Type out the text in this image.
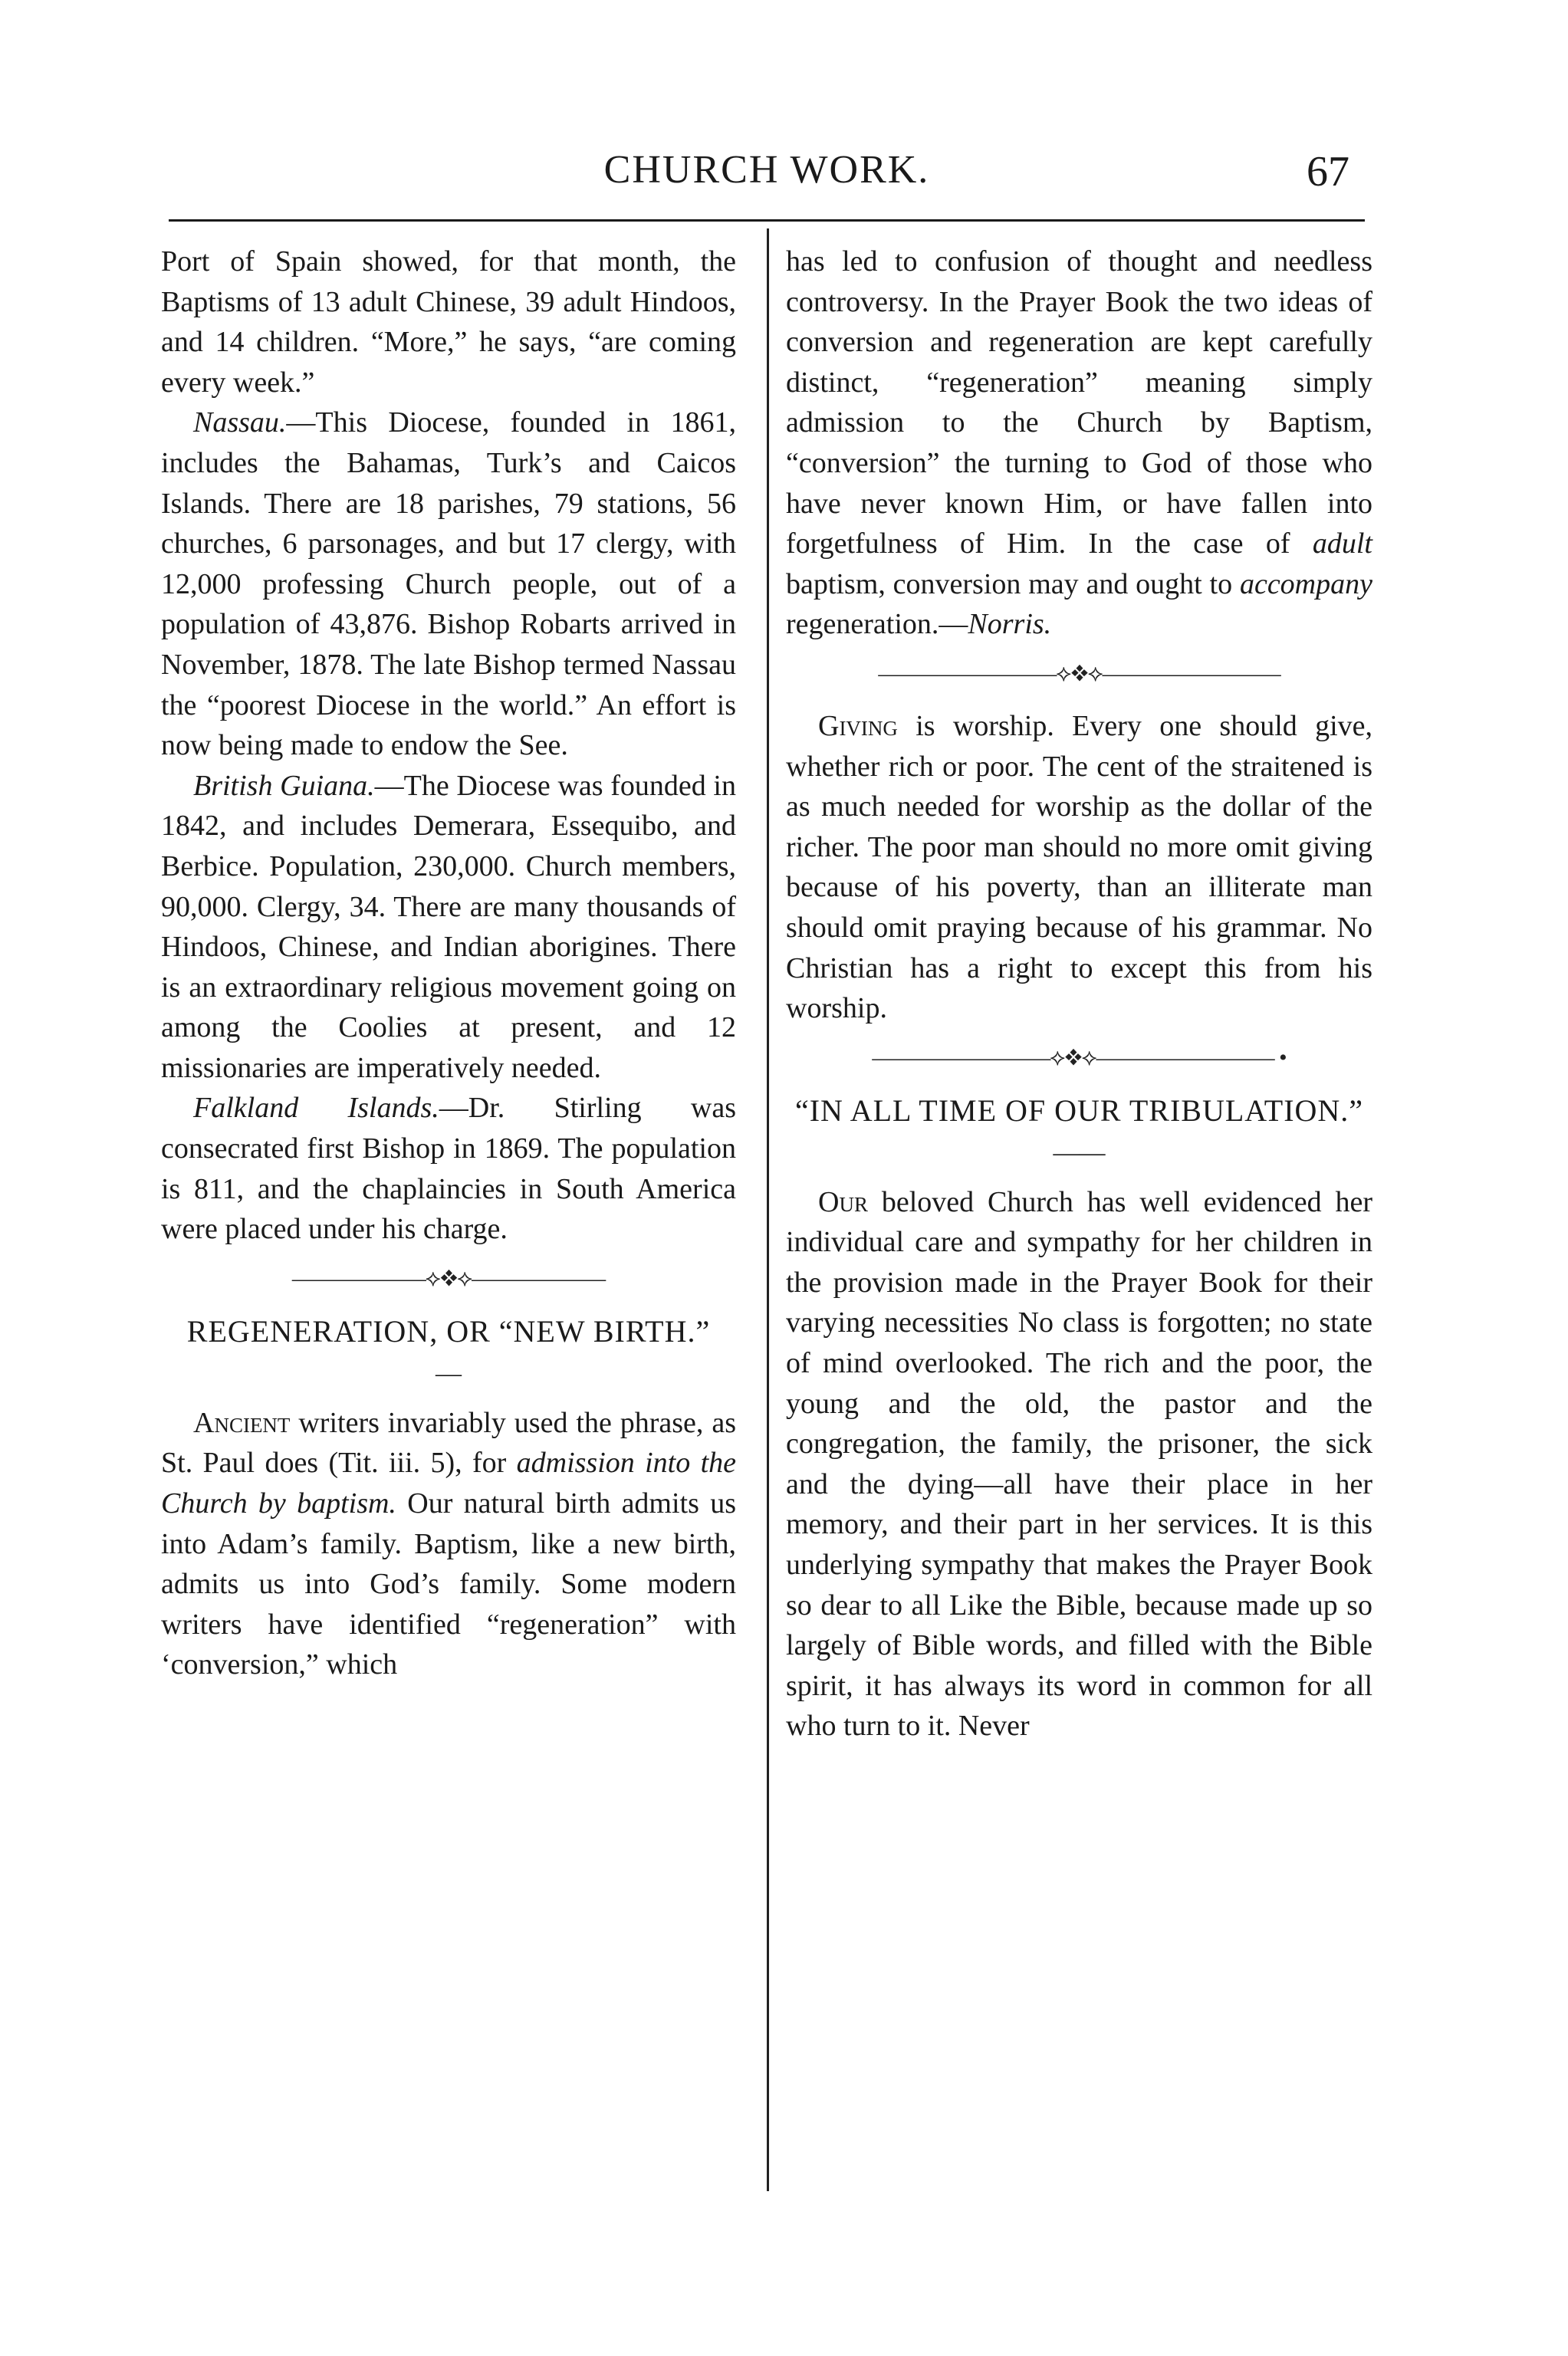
CHURCH WORK.	67

Port of Spain showed, for that month, the Baptisms of 13 adult Chinese, 39 adult Hindoos, and 14 children. “More,” he says, “are coming every week.”

Nassau.—This Diocese, founded in 1861, includes the Bahamas, Turk’s and Caicos Islands. There are 18 parishes, 79 stations, 56 churches, 6 parsonages, and but 17 clergy, with 12,000 professing Church people, out of a population of 43,876. Bishop Robarts arrived in November, 1878. The late Bishop termed Nassau the “poorest Diocese in the world.” An effort is now being made to endow the See.

British Guiana.—The Diocese was founded in 1842, and includes Demerara, Essequibo, and Berbice. Population, 230,000. Church members, 90,000. Clergy, 34. There are many thousands of Hindoos, Chinese, and Indian aborigines. There is an extraordinary religious movement going on among the Coolies at present, and 12 missionaries are imperatively needed.

Falkland Islands.—Dr. Stirling was consecrated first Bishop in 1869. The population is 811, and the chaplaincies in South America were placed under his charge.

——————⟡❖⟡——————
REGENERATION, OR “NEW BIRTH.”
—

Ancient writers invariably used the phrase, as St. Paul does (Tit. iii. 5), for admission into the Church by baptism. Our natural birth admits us into Adam’s family. Baptism, like a new birth, admits us into God’s family. Some modern writers have identified “regeneration” with ‘conversion,” which

has led to confusion of thought and needless controversy. In the Prayer Book the two ideas of conversion and regeneration are kept carefully distinct, “regeneration” meaning simply admission to the Church by Baptism, “conversion” the turning to God of those who have never known Him, or have fallen into forgetfulness of Him. In the case of adult baptism, conversion may and ought to accompany regeneration.—Norris.

————————⟡❖⟡————————

Giving is worship. Every one should give, whether rich or poor. The cent of the straitened is as much needed for worship as the dollar of the richer. The poor man should no more omit giving because of his poverty, than an illiterate man should omit praying because of his grammar. No Christian has a right to except this from his worship.

————————⟡❖⟡———————— •
“IN ALL TIME OF OUR TRIBULATION.”
——

Our beloved Church has well evidenced her individual care and sympathy for her children in the provision made in the Prayer Book for their varying necessities No class is forgotten; no state of mind overlooked. The rich and the poor, the young and the old, the pastor and the congregation, the family, the prisoner, the sick and the dying—all have their place in her memory, and their part in her services. It is this underlying sympathy that makes the Prayer Book so dear to all Like the Bible, because made up so largely of Bible words, and filled with the Bible spirit, it has always its word in common for all who turn to it. Never
